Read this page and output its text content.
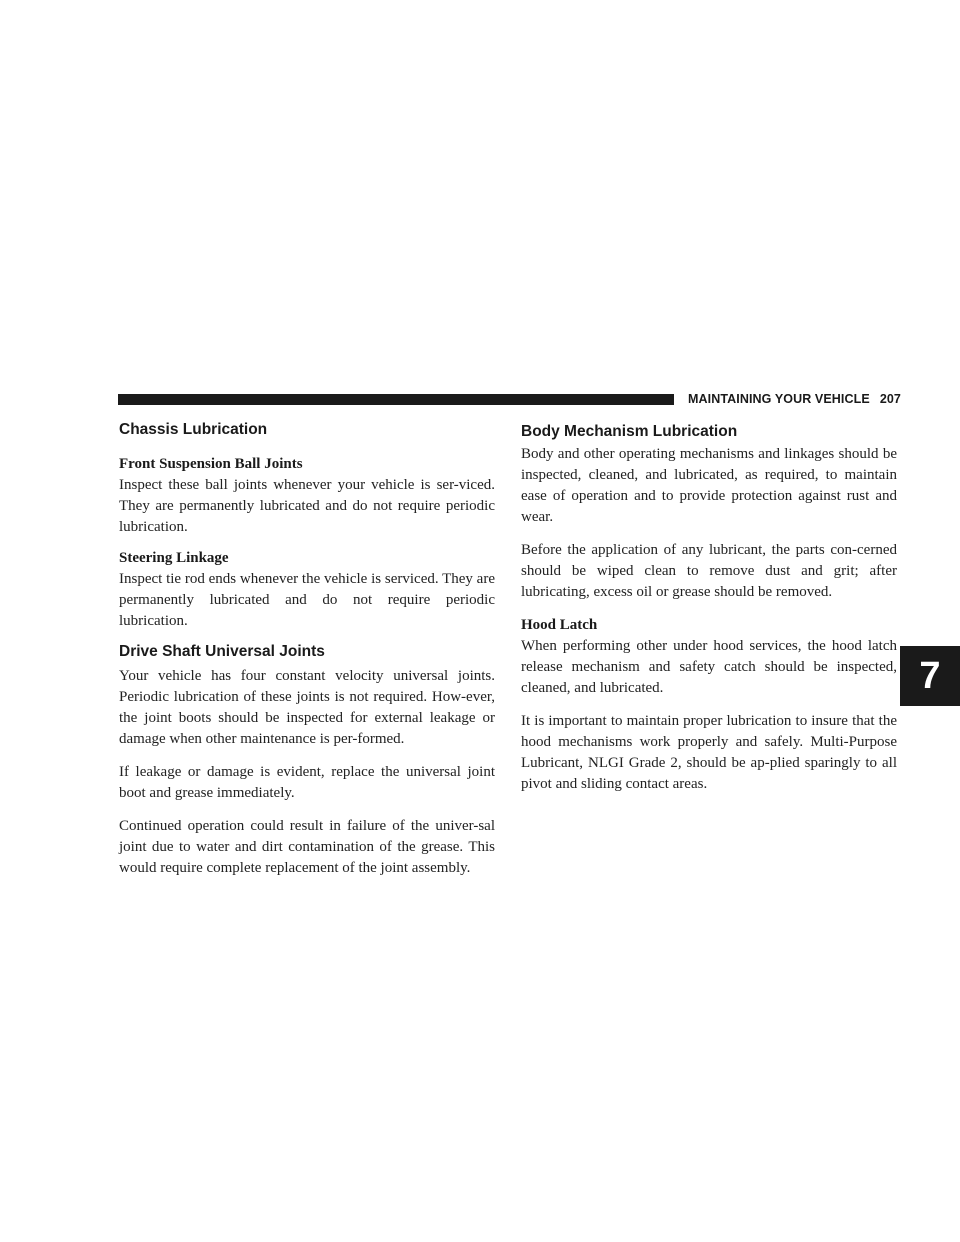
MAINTAINING YOUR VEHICLE 207
Chassis Lubrication
Front Suspension Ball Joints

Inspect these ball joints whenever your vehicle is ser-viced. They are permanently lubricated and do not require periodic lubrication.

Steering Linkage

Inspect tie rod ends whenever the vehicle is serviced. They are permanently lubricated and do not require periodic lubrication.

Drive Shaft Universal Joints

Your vehicle has four constant velocity universal joints. Periodic lubrication of these joints is not required. How-ever, the joint boots should be inspected for external leakage or damage when other maintenance is per-formed.

If leakage or damage is evident, replace the universal joint boot and grease immediately.

Continued operation could result in failure of the univer-sal joint due to water and dirt contamination of the grease. This would require complete replacement of the joint assembly.

Body Mechanism Lubrication

Body and other operating mechanisms and linkages should be inspected, cleaned, and lubricated, as required, to maintain ease of operation and to provide protection against rust and wear.

Before the application of any lubricant, the parts con-cerned should be wiped clean to remove dust and grit; after lubricating, excess oil or grease should be removed.

Hood Latch

When performing other under hood services, the hood latch release mechanism and safety catch should be inspected, cleaned, and lubricated.

It is important to maintain proper lubrication to insure that the hood mechanisms work properly and safely. Multi-Purpose Lubricant, NLGI Grade 2, should be ap-plied sparingly to all pivot and sliding contact areas.

7
